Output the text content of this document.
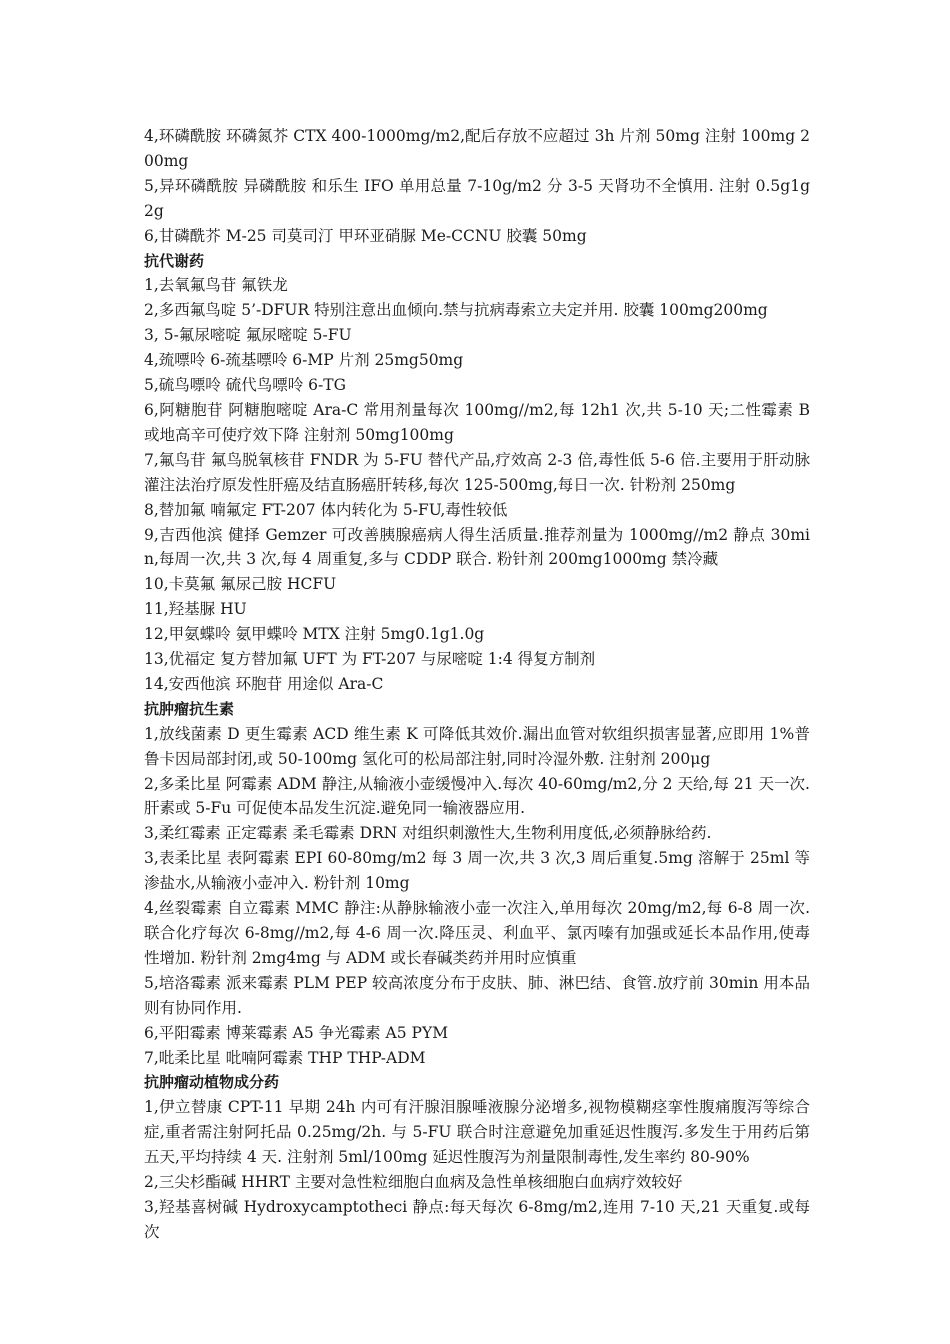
4,环磷酰胺 环磷氮芥 CTX 400-1000mg/m2,配后存放不应超过 3h 片剂 50mg 注射 100mg 200mg

5,异环磷酰胺 异磷酰胺 和乐生 IFO 单用总量 7-10g/m2 分 3-5 天肾功不全慎用. 注射 0.5g1g 2g

6,甘磷酰芥 M-25 司莫司汀 甲环亚硝脲 Me-CCNU 胶囊 50mg

抗代谢药

1,去氧氟鸟苷 氟铁龙

2,多西氟鸟啶 5’-DFUR 特别注意出血倾向.禁与抗病毒索立夫定并用. 胶囊 100mg200mg

3, 5-氟尿嘧啶 氟尿嘧啶 5-FU

4,巯嘌呤 6-巯基嘌呤 6-MP 片剂 25mg50mg

5,硫鸟嘌呤 硫代鸟嘌呤 6-TG

6,阿糖胞苷 阿糖胞嘧啶 Ara-C 常用剂量每次 100mg//m2,每 12h1 次,共 5-10 天;二性霉素 B 或地高辛可使疗效下降 注射剂 50mg100mg

7,氟鸟苷 氟鸟脱氧核苷 FNDR 为 5-FU 替代产品,疗效高 2-3 倍,毒性低 5-6 倍.主要用于肝动脉灌注法治疗原发性肝癌及结直肠癌肝转移,每次 125-500mg,每日一次. 针粉剂 250mg

8,替加氟 喃氟定 FT-207 体内转化为 5-FU,毒性较低

9,吉西他滨 健择 Gemzer 可改善胰腺癌病人得生活质量.推荐剂量为 1000mg//m2 静点 30min,每周一次,共 3 次,每 4 周重复,多与 CDDP 联合. 粉针剂 200mg1000mg 禁冷藏

10,卡莫氟 氟尿己胺 HCFU

11,羟基脲 HU

12,甲氨蝶呤 氨甲蝶呤 MTX 注射 5mg0.1g1.0g

13,优福定 复方替加氟 UFT 为 FT-207 与尿嘧啶 1:4 得复方制剂

14,安西他滨 环胞苷 用途似 Ara-C

抗肿瘤抗生素

1,放线菌素 D 更生霉素 ACD 维生素 K 可降低其效价.漏出血管对软组织损害显著,应即用 1%普鲁卡因局部封闭,或 50-100mg 氢化可的松局部注射,同时冷湿外敷. 注射剂 200μg

2,多柔比星 阿霉素 ADM 静注,从输液小壶缓慢冲入.每次 40-60mg/m2,分 2 天给,每 21 天一次.肝素或 5-Fu 可促使本品发生沉淀.避免同一输液器应用.

3,柔红霉素 正定霉素 柔毛霉素 DRN 对组织刺激性大,生物利用度低,必须静脉给药.

3,表柔比星 表阿霉素 EPI 60-80mg/m2 每 3 周一次,共 3 次,3 周后重复.5mg 溶解于 25ml 等渗盐水,从输液小壶冲入. 粉针剂 10mg

4,丝裂霉素 自立霉素 MMC 静注:从静脉输液小壶一次注入,单用每次 20mg/m2,每 6-8 周一次.联合化疗每次 6-8mg//m2,每 4-6 周一次.降压灵、利血平、氯丙嗪有加强或延长本品作用,使毒性增加. 粉针剂 2mg4mg 与 ADM 或长春碱类药并用时应慎重

5,培洛霉素 派来霉素 PLM PEP 较高浓度分布于皮肤、肺、淋巴结、食管.放疗前 30min 用本品则有协同作用.

6,平阳霉素 博莱霉素 A5 争光霉素 A5 PYM

7,吡柔比星 吡喃阿霉素 THP THP-ADM

抗肿瘤动植物成分药

1,伊立替康 CPT-11 早期 24h 内可有汗腺泪腺唾液腺分泌增多,视物模糊痉挛性腹痛腹泻等综合症,重者需注射阿托品 0.25mg/2h. 与 5-FU 联合时注意避免加重延迟性腹泻.多发生于用药后第五天,平均持续 4 天. 注射剂 5ml/100mg 延迟性腹泻为剂量限制毒性,发生率约 80-90%

2,三尖杉酯碱 HHRT 主要对急性粒细胞白血病及急性单核细胞白血病疗效较好

3,羟基喜树碱 Hydroxycamptotheci 静点:每天每次 6-8mg/m2,连用 7-10 天,21 天重复.或每次
